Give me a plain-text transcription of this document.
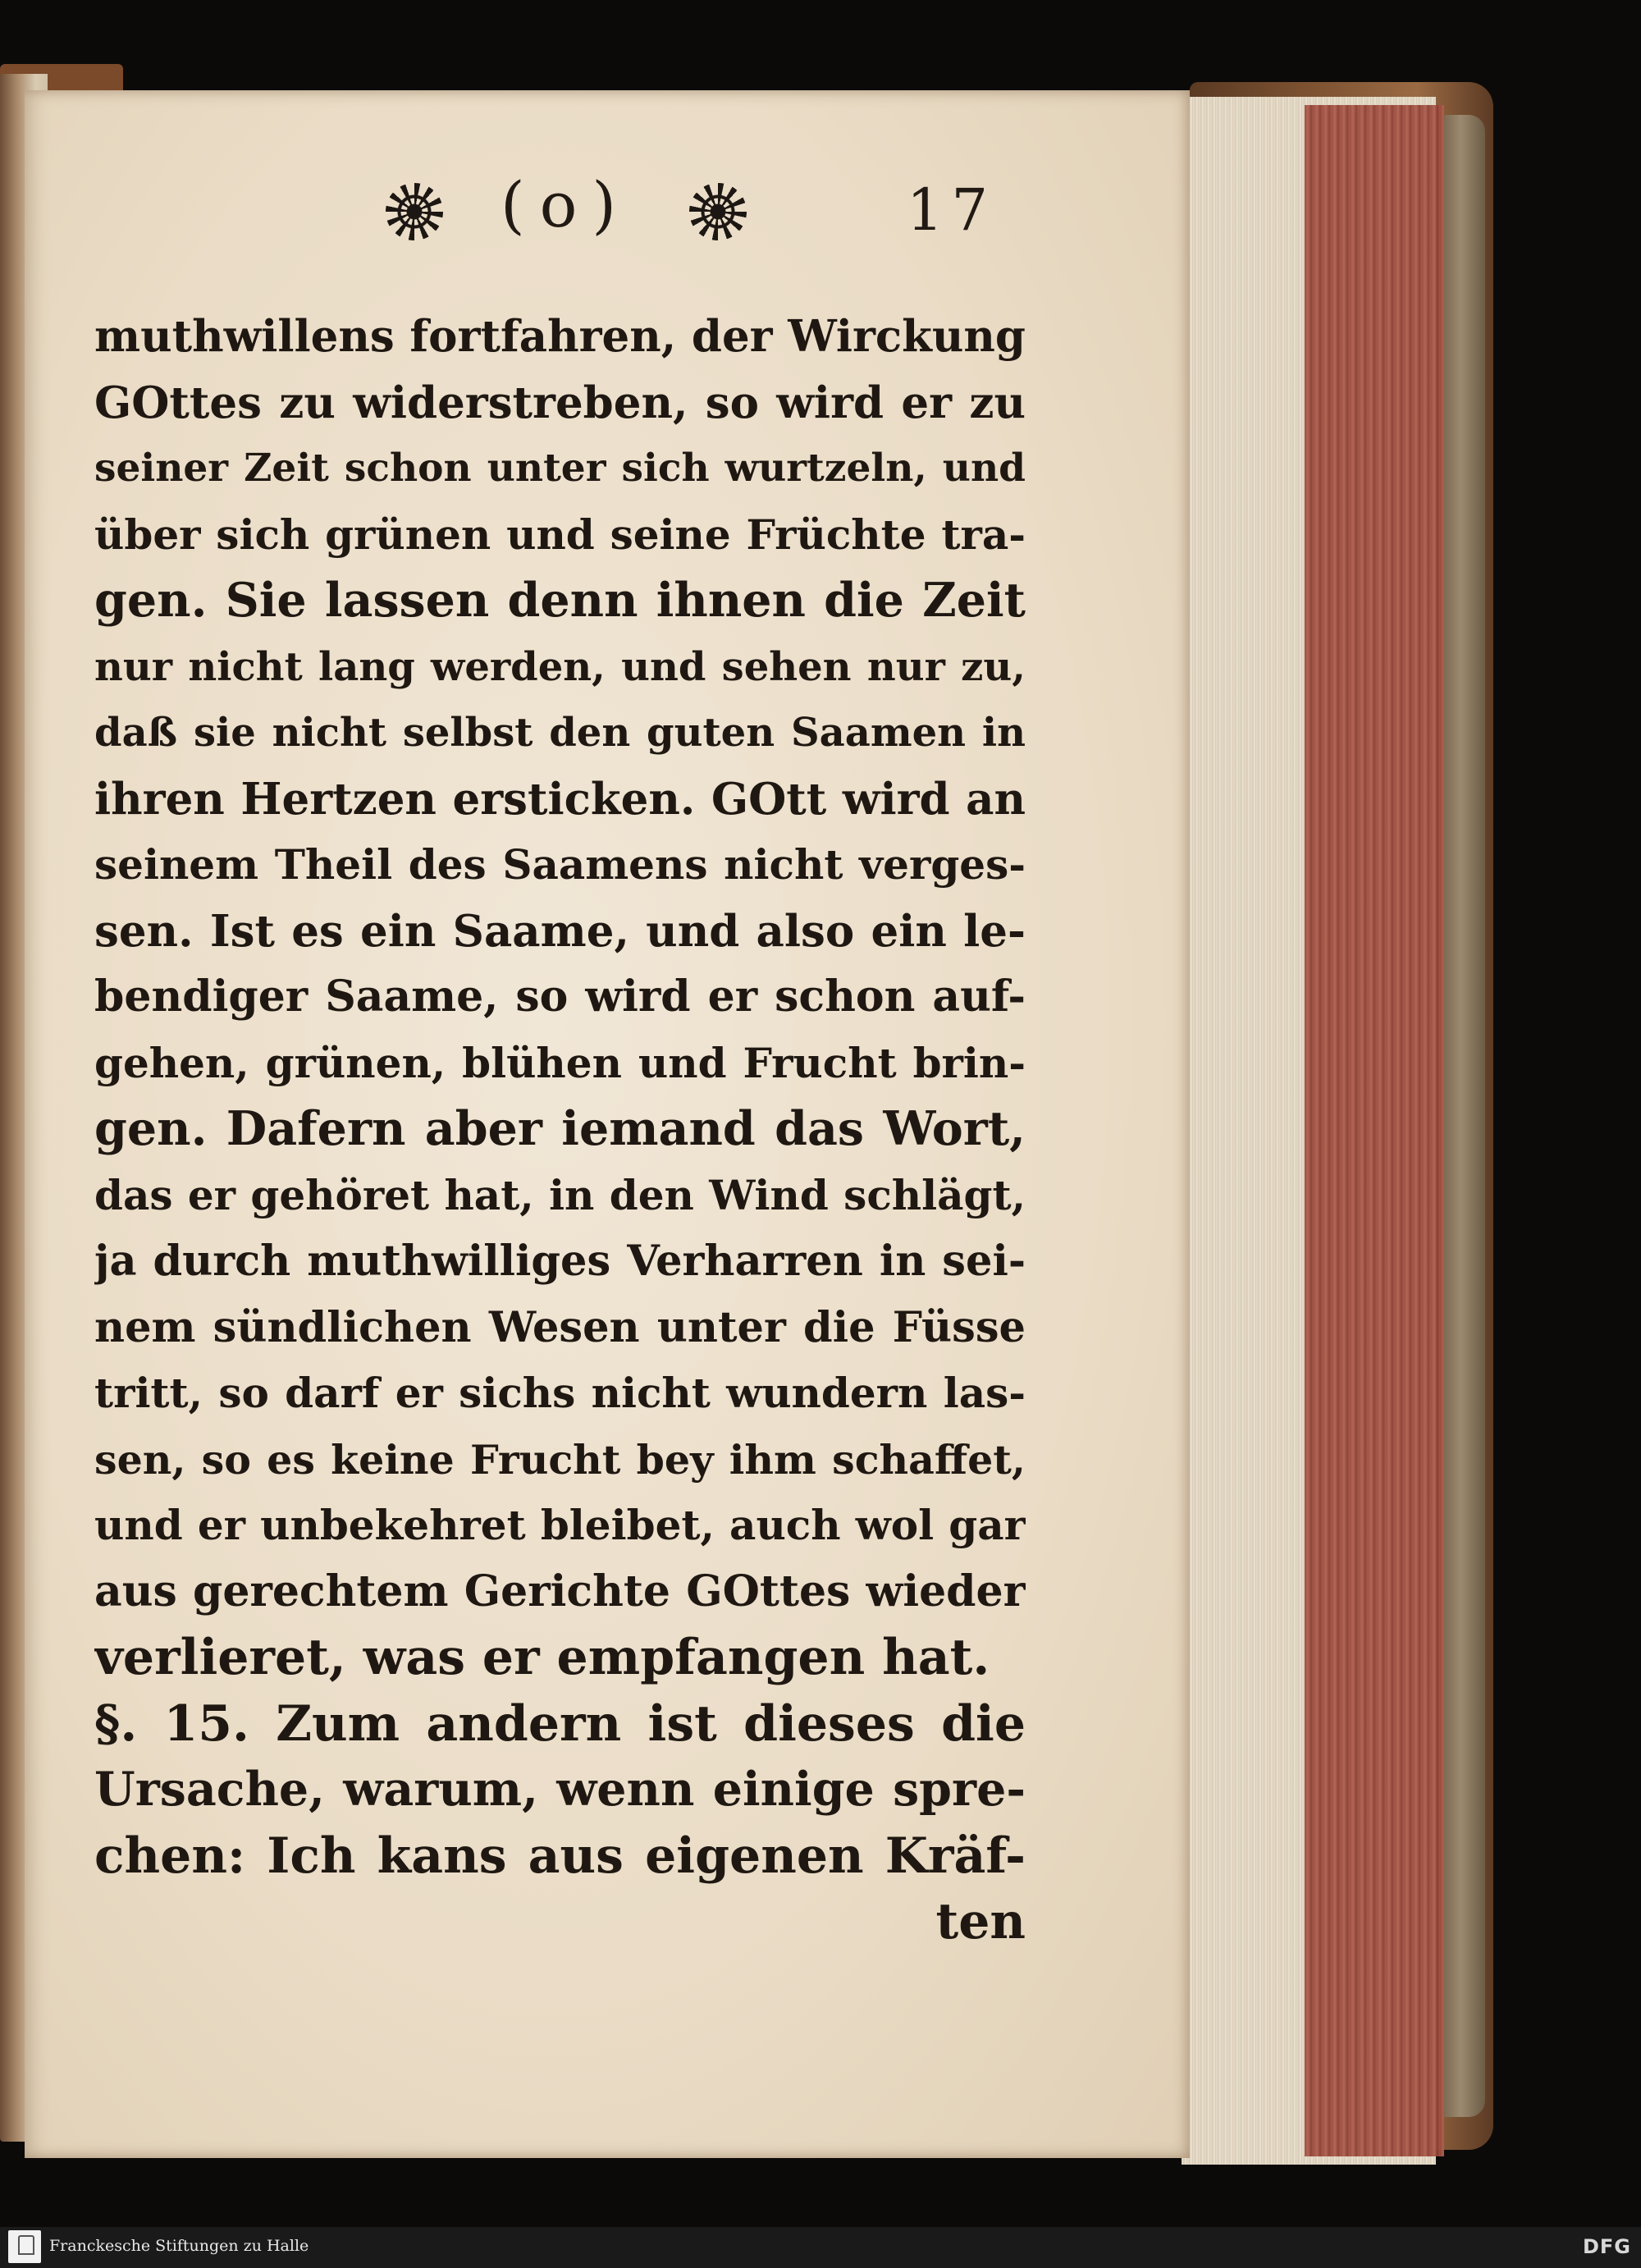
(o)	17
muthwillens fortfahren, der Wirckung
GOttes zu widerstreben, so wird er zu
seiner Zeit schon unter sich wurtzeln, und
über sich grünen und seine Früchte tra-
gen. Sie lassen denn ihnen die Zeit
nur nicht lang werden, und sehen nur zu,
daß sie nicht selbst den guten Saamen in
ihren Hertzen ersticken. GOtt wird an
seinem Theil des Saamens nicht verges-
sen. Ist es ein Saame, und also ein le-
bendiger Saame, so wird er schon auf-
gehen, grünen, blühen und Frucht brin-
gen. Dafern aber iemand das Wort,
das er gehöret hat, in den Wind schlägt,
ja durch muthwilliges Verharren in sei-
nem sündlichen Wesen unter die Füsse
tritt, so darf er sichs nicht wundern las-
sen, so es keine Frucht bey ihm schaffet,
und er unbekehret bleibet, auch wol gar
aus gerechtem Gerichte GOttes wieder
verlieret, was er empfangen hat.
§. 15. Zum andern ist dieses die
Ursache, warum, wenn einige spre-
chen: Ich kans aus eigenen Kräf-
ten
Franckesche Stiftungen zu Halle	DFG
